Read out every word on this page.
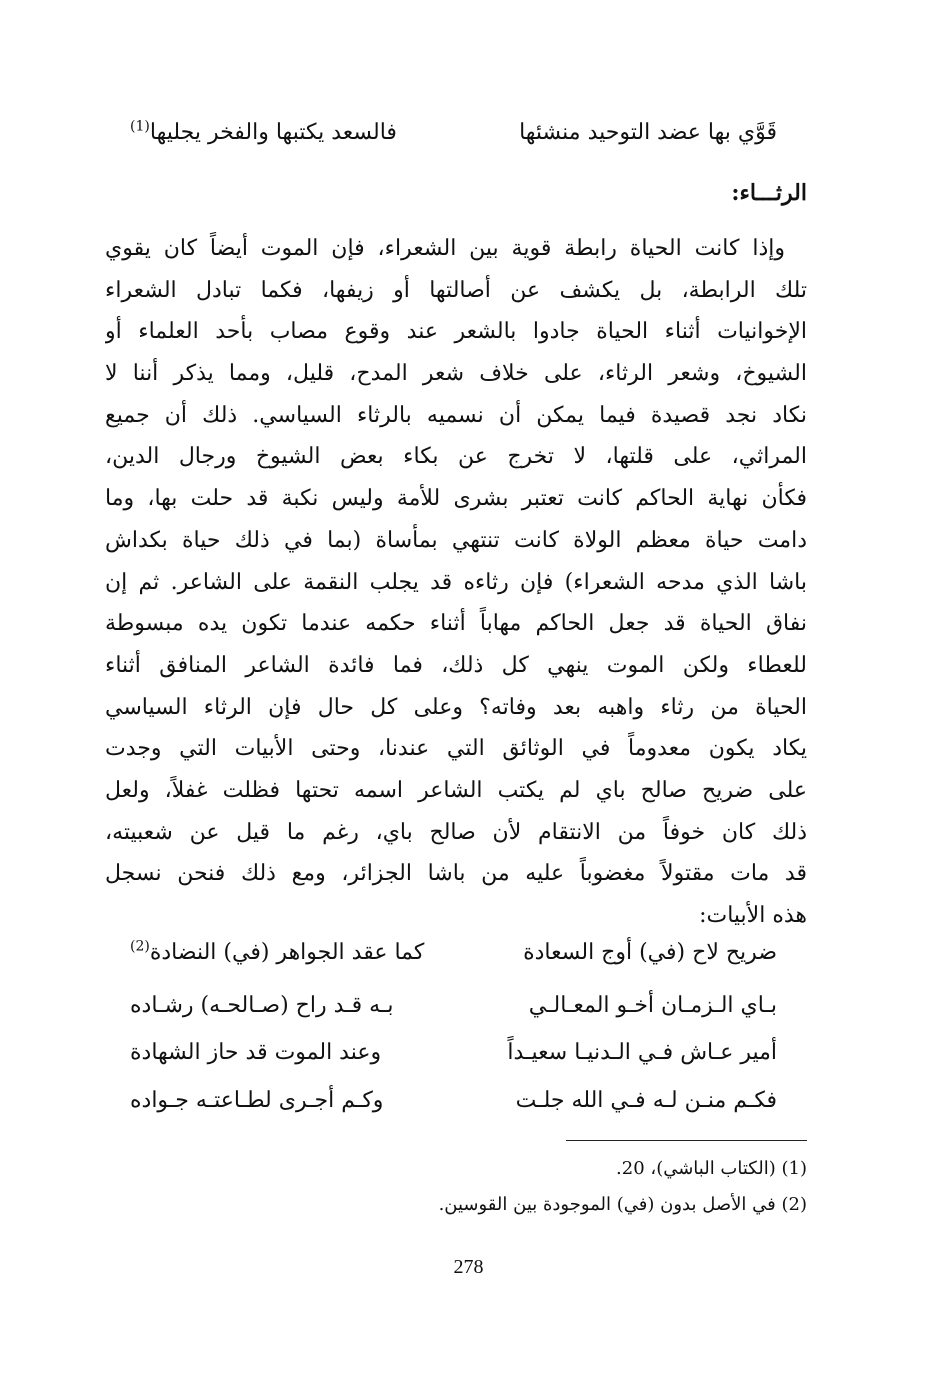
قَوَّي بها عضد التوحيد منشئها
فالسعد يكتبها والفخر يجليها$^{(1)}$
الرثـــاء:
وإذا كانت الحياة رابطة قوية بين الشعراء، فإن الموت أيضاً كان يقوي
تلك الرابطة، بل يكشف عن أصالتها أو زيفها، فكما تبادل الشعراء
الإخوانيات أثناء الحياة جادوا بالشعر عند وقوع مصاب بأحد العلماء أو
الشيوخ، وشعر الرثاء، على خلاف شعر المدح، قليل، ومما يذكر أننا لا
نكاد نجد قصيدة فيما يمكن أن نسميه بالرثاء السياسي. ذلك أن جميع
المراثي، على قلتها، لا تخرج عن بكاء بعض الشيوخ ورجال الدين،
فكأن نهاية الحاكم كانت تعتبر بشرى للأمة وليس نكبة قد حلت بها، وما
دامت حياة معظم الولاة كانت تنتهي بمأساة (بما في ذلك حياة بكداش
باشا الذي مدحه الشعراء) فإن رثاءه قد يجلب النقمة على الشاعر. ثم إن
نفاق الحياة قد جعل الحاكم مهاباً أثناء حكمه عندما تكون يده مبسوطة
للعطاء ولكن الموت ينهي كل ذلك، فما فائدة الشاعر المنافق أثناء
الحياة من رثاء واهبه بعد وفاته؟ وعلى كل حال فإن الرثاء السياسي
يكاد يكون معدوماً في الوثائق التي عندنا، وحتى الأبيات التي وجدت
على ضريح صالح باي لم يكتب الشاعر اسمه تحتها فظلت غفلاً، ولعل
ذلك كان خوفاً من الانتقام لأن صالح باي، رغم ما قيل عن شعبيته،
قد مات مقتولاً مغضوباً عليه من باشا الجزائر، ومع ذلك فنحن نسجل
هذه الأبيات:
ضريح لاح (في) أوج السعادة
كما عقد الجواهر (في) النضادة$^{(2)}$
بـاي الـزمـان أخـو المعـالـي
بـه قـد راح (صـالحـه) رشـاده
أمير عـاش فـي الـدنيـا سعيـداً
وعند الموت قد حاز الشهادة
فكـم منـن لـه فـي الله جلـت
وكـم أجـرى لطـاعتـه جـواده
(1) (الكتاب الباشي)، 20.
(2) في الأصل بدون (في) الموجودة بين القوسين.
278
